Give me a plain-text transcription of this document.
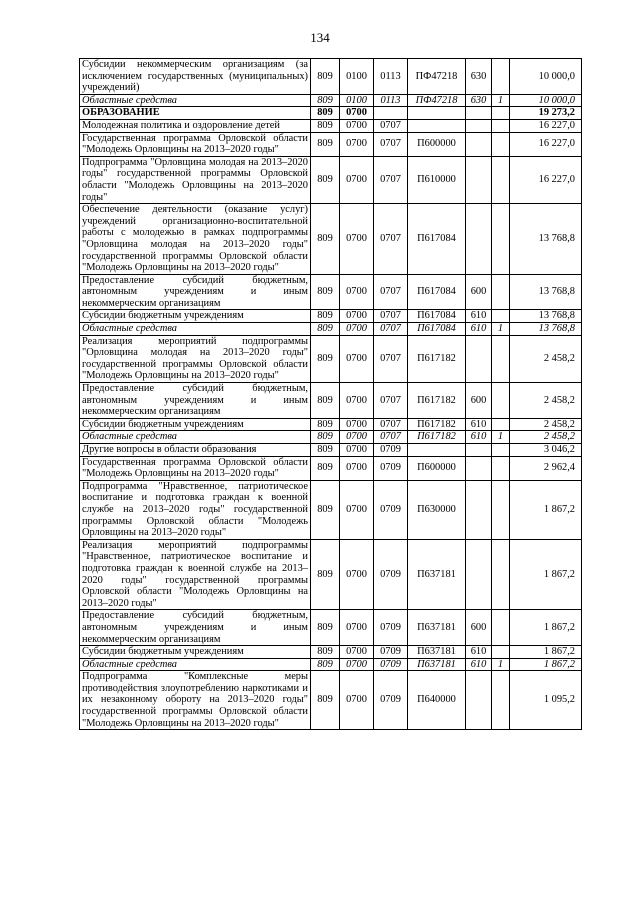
134
Субсидии некоммерческим организациям (за исключением государственных (муниципальных) учреждений)	809	0100	0113	ПФ47218	630		10 000,0
Областные средства	809	0100	0113	ПФ47218	630	1	10 000,0
ОБРАЗОВАНИЕ	809	0700					19 273,2
Молодежная политика и оздоровление детей	809	0700	0707				16 227,0
Государственная программа Орловской области "Молодежь Орловщины на 2013–2020 годы"	809	0700	0707	П600000			16 227,0
Подпрограмма "Орловщина молодая на 2013–2020 годы" государственной программы Орловской области "Молодежь Орловщины на 2013–2020 годы"	809	0700	0707	П610000			16 227,0
Обеспечение деятельности (оказание услуг) учреждений организационно-воспитательной работы с молодежью в рамках подпрограммы "Орловщина молодая на 2013–2020 годы" государственной программы Орловской области "Молодежь Орловщины на 2013–2020 годы"	809	0700	0707	П617084			13 768,8
Предоставление субсидий бюджетным, автономным учреждениям и иным некоммерческим организациям	809	0700	0707	П617084	600		13 768,8
Субсидии бюджетным учреждениям	809	0700	0707	П617084	610		13 768,8
Областные средства	809	0700	0707	П617084	610	1	13 768,8
Реализация мероприятий подпрограммы "Орловщина молодая на 2013–2020 годы" государственной программы Орловской области "Молодежь Орловщины на 2013–2020 годы"	809	0700	0707	П617182			2 458,2
Предоставление субсидий бюджетным, автономным учреждениям и иным некоммерческим организациям	809	0700	0707	П617182	600		2 458,2
Субсидии бюджетным учреждениям	809	0700	0707	П617182	610		2 458,2
Областные средства	809	0700	0707	П617182	610	1	2 458,2
Другие вопросы в области образования	809	0700	0709				3 046,2
Государственная программа Орловской области "Молодежь Орловщины на 2013–2020 годы"	809	0700	0709	П600000			2 962,4
Подпрограмма "Нравственное, патриотическое воспитание и подготовка граждан к военной службе на 2013–2020 годы" государственной программы Орловской области "Молодежь Орловщины на 2013–2020 годы"	809	0700	0709	П630000			1 867,2
Реализация мероприятий подпрограммы "Нравственное, патриотическое воспитание и подготовка граждан к военной службе на 2013–2020 годы" государственной программы Орловской области "Молодежь Орловщины на 2013–2020 годы"	809	0700	0709	П637181			1 867,2
Предоставление субсидий бюджетным, автономным учреждениям и иным некоммерческим организациям	809	0700	0709	П637181	600		1 867,2
Субсидии бюджетным учреждениям	809	0700	0709	П637181	610		1 867,2
Областные средства	809	0700	0709	П637181	610	1	1 867,2
Подпрограмма "Комплексные меры противодействия злоупотреблению наркотиками и их незаконному обороту на 2013–2020 годы" государственной программы Орловской области "Молодежь Орловщины на 2013–2020 годы"	809	0700	0709	П640000			1 095,2
